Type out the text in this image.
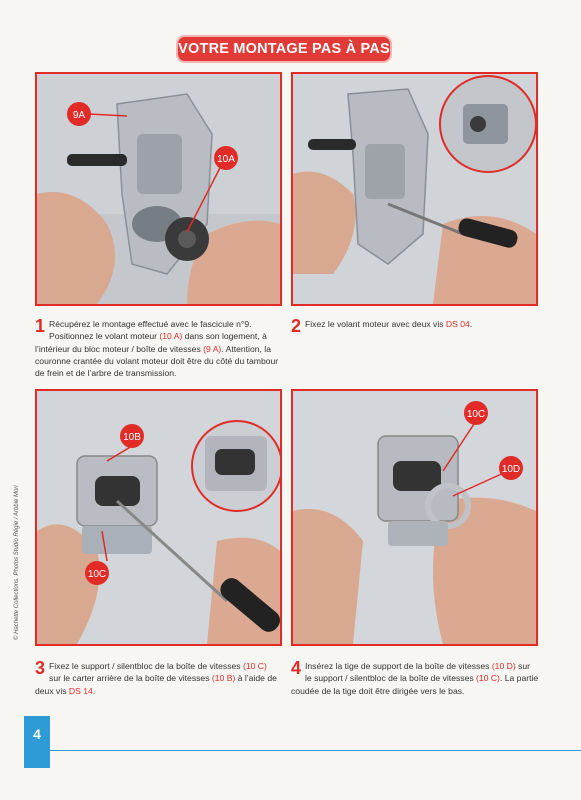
VOTRE MONTAGE PAS À PAS
9A
10A
1 Récupérez le montage effectué avec le fascicule n°9. Positionnez le volant moteur (10 A) dans son logement, à l’intérieur du bloc moteur / boîte de vitesses (9 A). Attention, la couronne crantée du volant moteur doit être du côté du tambour de frein et de l’arbre de transmission.
2 Fixez le volant moteur avec deux vis DS 04.
10B
10C
10C
10D
3 Fixez le support / silentbloc de la boîte de vitesses (10 C) sur le carter arrière de la boîte de vitesses (10 B) à l’aide de deux vis DS 14.
4 Insérez la tige de support de la boîte de vitesses (10 D) sur le support / silentbloc de la boîte de vitesses (10 C). La partie coudée de la tige doit être dirigée vers le bas.
© Hachette Collections. Photos Studio Régie / Arbbie Mori
4
